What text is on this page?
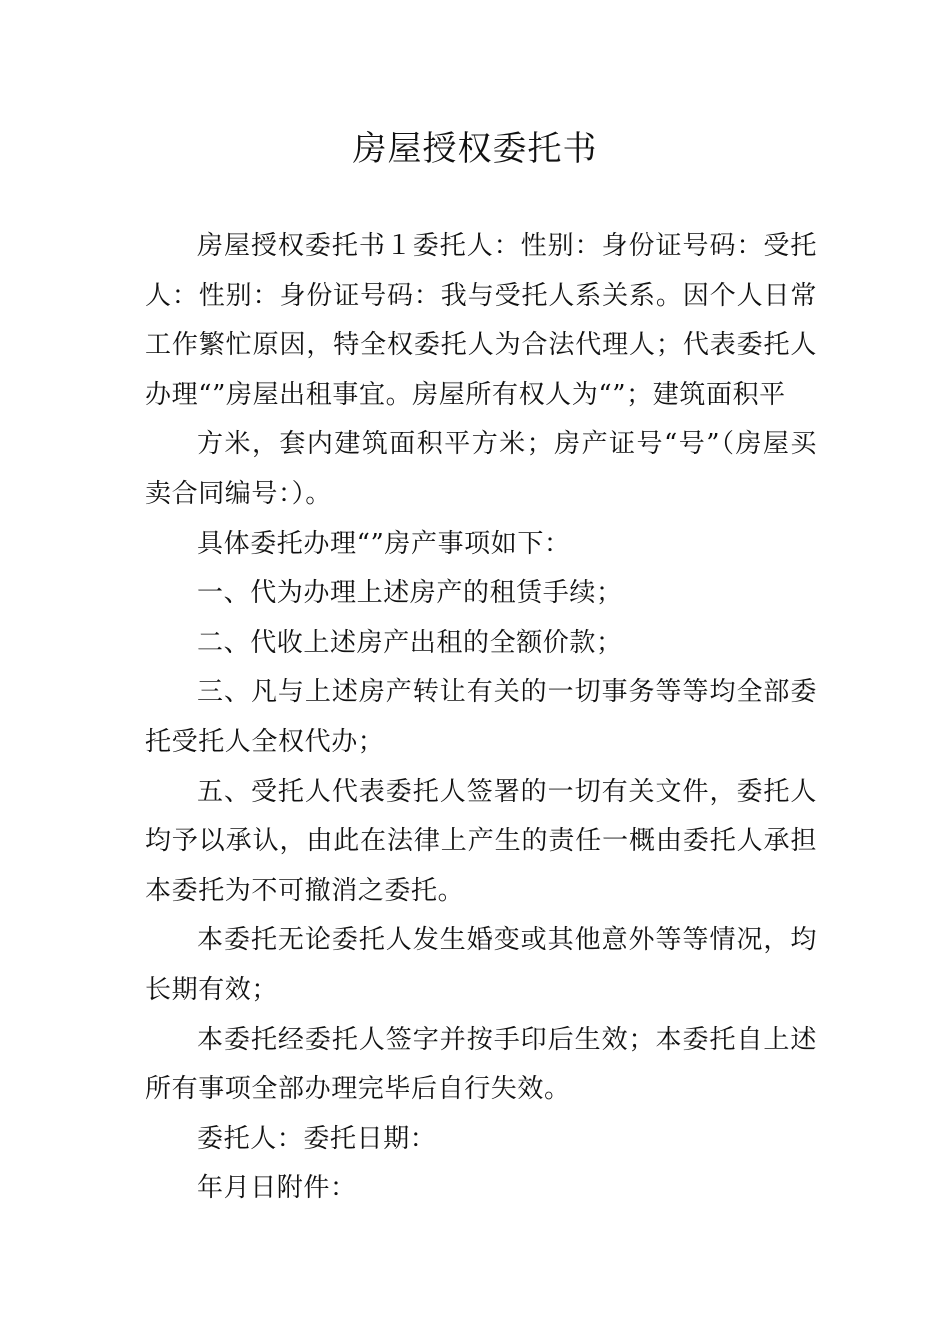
房屋授权委托书

房屋授权委托书１委托人：性别：身份证号码：受托人：性别：身份证号码：我与受托人系关系。因个人日常工作繁忙原因，特全权委托人为合法代理人；代表委托人办理“”房屋出租事宜。房屋所有权人为“”；建筑面积平

方米，套内建筑面积平方米；房产证号“号”（房屋买卖合同编号：）。

具体委托办理“”房产事项如下：

一、代为办理上述房产的租赁手续；

二、代收上述房产出租的全额价款；

三、凡与上述房产转让有关的一切事务等等均全部委托受托人全权代办；

五、受托人代表委托人签署的一切有关文件，委托人均予以承认，由此在法律上产生的责任一概由委托人承担本委托为不可撤消之委托。

本委托无论委托人发生婚变或其他意外等等情况，均长期有效；

本委托经委托人签字并按手印后生效；本委托自上述所有事项全部办理完毕后自行失效。

委托人：委托日期：

年月日附件：
